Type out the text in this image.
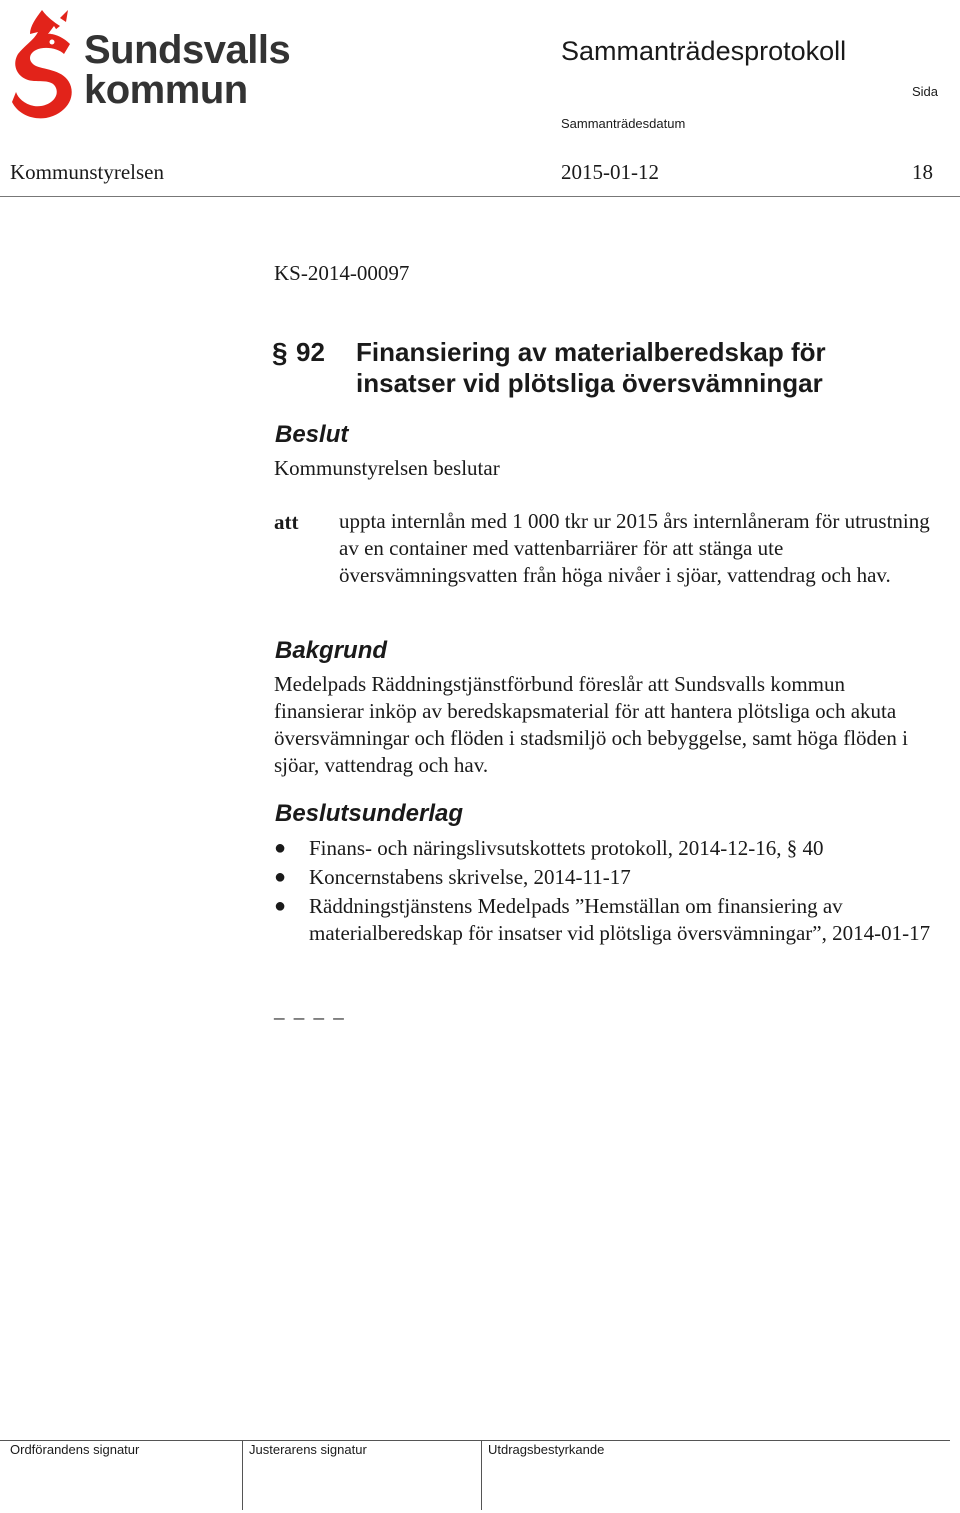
Sundsvalls
kommun
Sammanträdesprotokoll
Sida
Sammanträdesdatum
Kommunstyrelsen	2015-01-12	18
KS-2014-00097
§ 92 Finansiering av materialberedskap för insatser vid plötsliga översvämningar
Beslut
Kommunstyrelsen beslutar
att uppta internlån med 1 000 tkr ur 2015 års internlåneram för utrustning av en container med vattenbarriärer för att stänga ute översvämningsvatten från höga nivåer i sjöar, vattendrag och hav.
Bakgrund
Medelpads Räddningstjänstförbund föreslår att Sundsvalls kommun finansierar inköp av beredskapsmaterial för att hantera plötsliga och akuta översvämningar och flöden i stadsmiljö och bebyggelse, samt höga flöden i sjöar, vattendrag och hav.
Beslutsunderlag
● Finans- och näringslivsutskottets protokoll, 2014-12-16, § 40
● Koncernstabens skrivelse, 2014-11-17
● Räddningstjänstens Medelpads ”Hemställan om finansiering av materialberedskap för insatser vid plötsliga översvämningar”, 2014-01-17
_ _ _ _
Ordförandens signatur	Justerarens signatur	Utdragsbestyrkande
